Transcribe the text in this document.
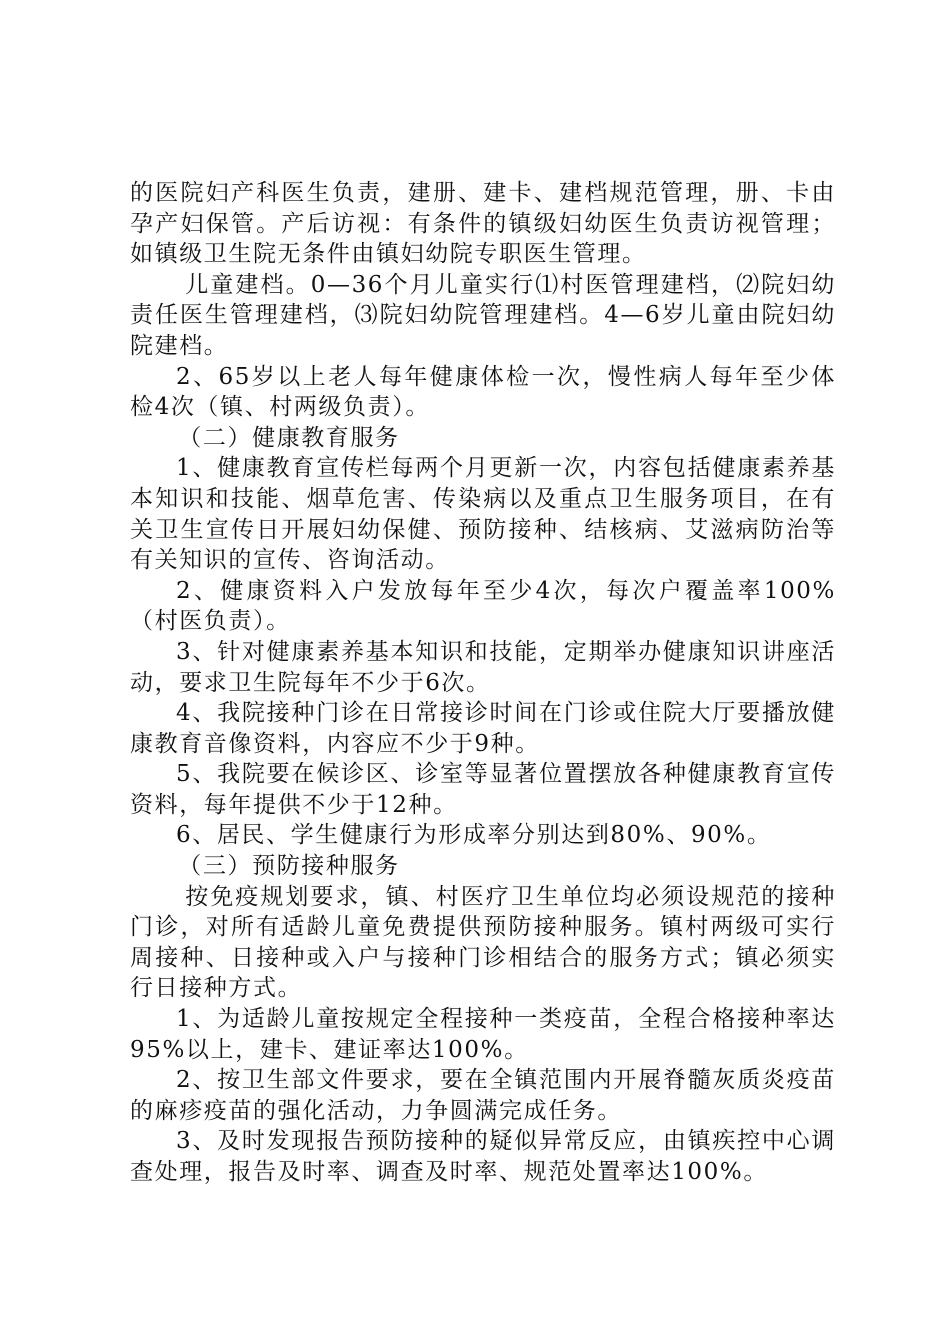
的医院妇产科医生负责，建册、建卡、建档规范管理，册、卡由孕产妇保管。产后访视：有条件的镇级妇幼医生负责访视管理；如镇级卫生院无条件由镇妇幼院专职医生管理。

儿童建档。0—36个月儿童实行⑴村医管理建档，⑵院妇幼责任医生管理建档，⑶院妇幼院管理建档。4—6岁儿童由院妇幼院建档。

2、65岁以上老人每年健康体检一次，慢性病人每年至少体检4次（镇、村两级负责）。

（二）健康教育服务

1、健康教育宣传栏每两个月更新一次，内容包括健康素养基本知识和技能、烟草危害、传染病以及重点卫生服务项目，在有关卫生宣传日开展妇幼保健、预防接种、结核病、艾滋病防治等有关知识的宣传、咨询活动。

2、健康资料入户发放每年至少4次，每次户覆盖率100%（村医负责）。

3、针对健康素养基本知识和技能，定期举办健康知识讲座活动，要求卫生院每年不少于6次。

4、我院接种门诊在日常接诊时间在门诊或住院大厅要播放健康教育音像资料，内容应不少于9种。

5、我院要在候诊区、诊室等显著位置摆放各种健康教育宣传资料，每年提供不少于12种。

6、居民、学生健康行为形成率分别达到80%、90%。

（三）预防接种服务

按免疫规划要求，镇、村医疗卫生单位均必须设规范的接种门诊，对所有适龄儿童免费提供预防接种服务。镇村两级可实行周接种、日接种或入户与接种门诊相结合的服务方式；镇必须实行日接种方式。

1、为适龄儿童按规定全程接种一类疫苗，全程合格接种率达95%以上，建卡、建证率达100%。

2、按卫生部文件要求，要在全镇范围内开展脊髓灰质炎疫苗的麻疹疫苗的强化活动，力争圆满完成任务。

3、及时发现报告预防接种的疑似异常反应，由镇疾控中心调查处理，报告及时率、调查及时率、规范处置率达100%。
